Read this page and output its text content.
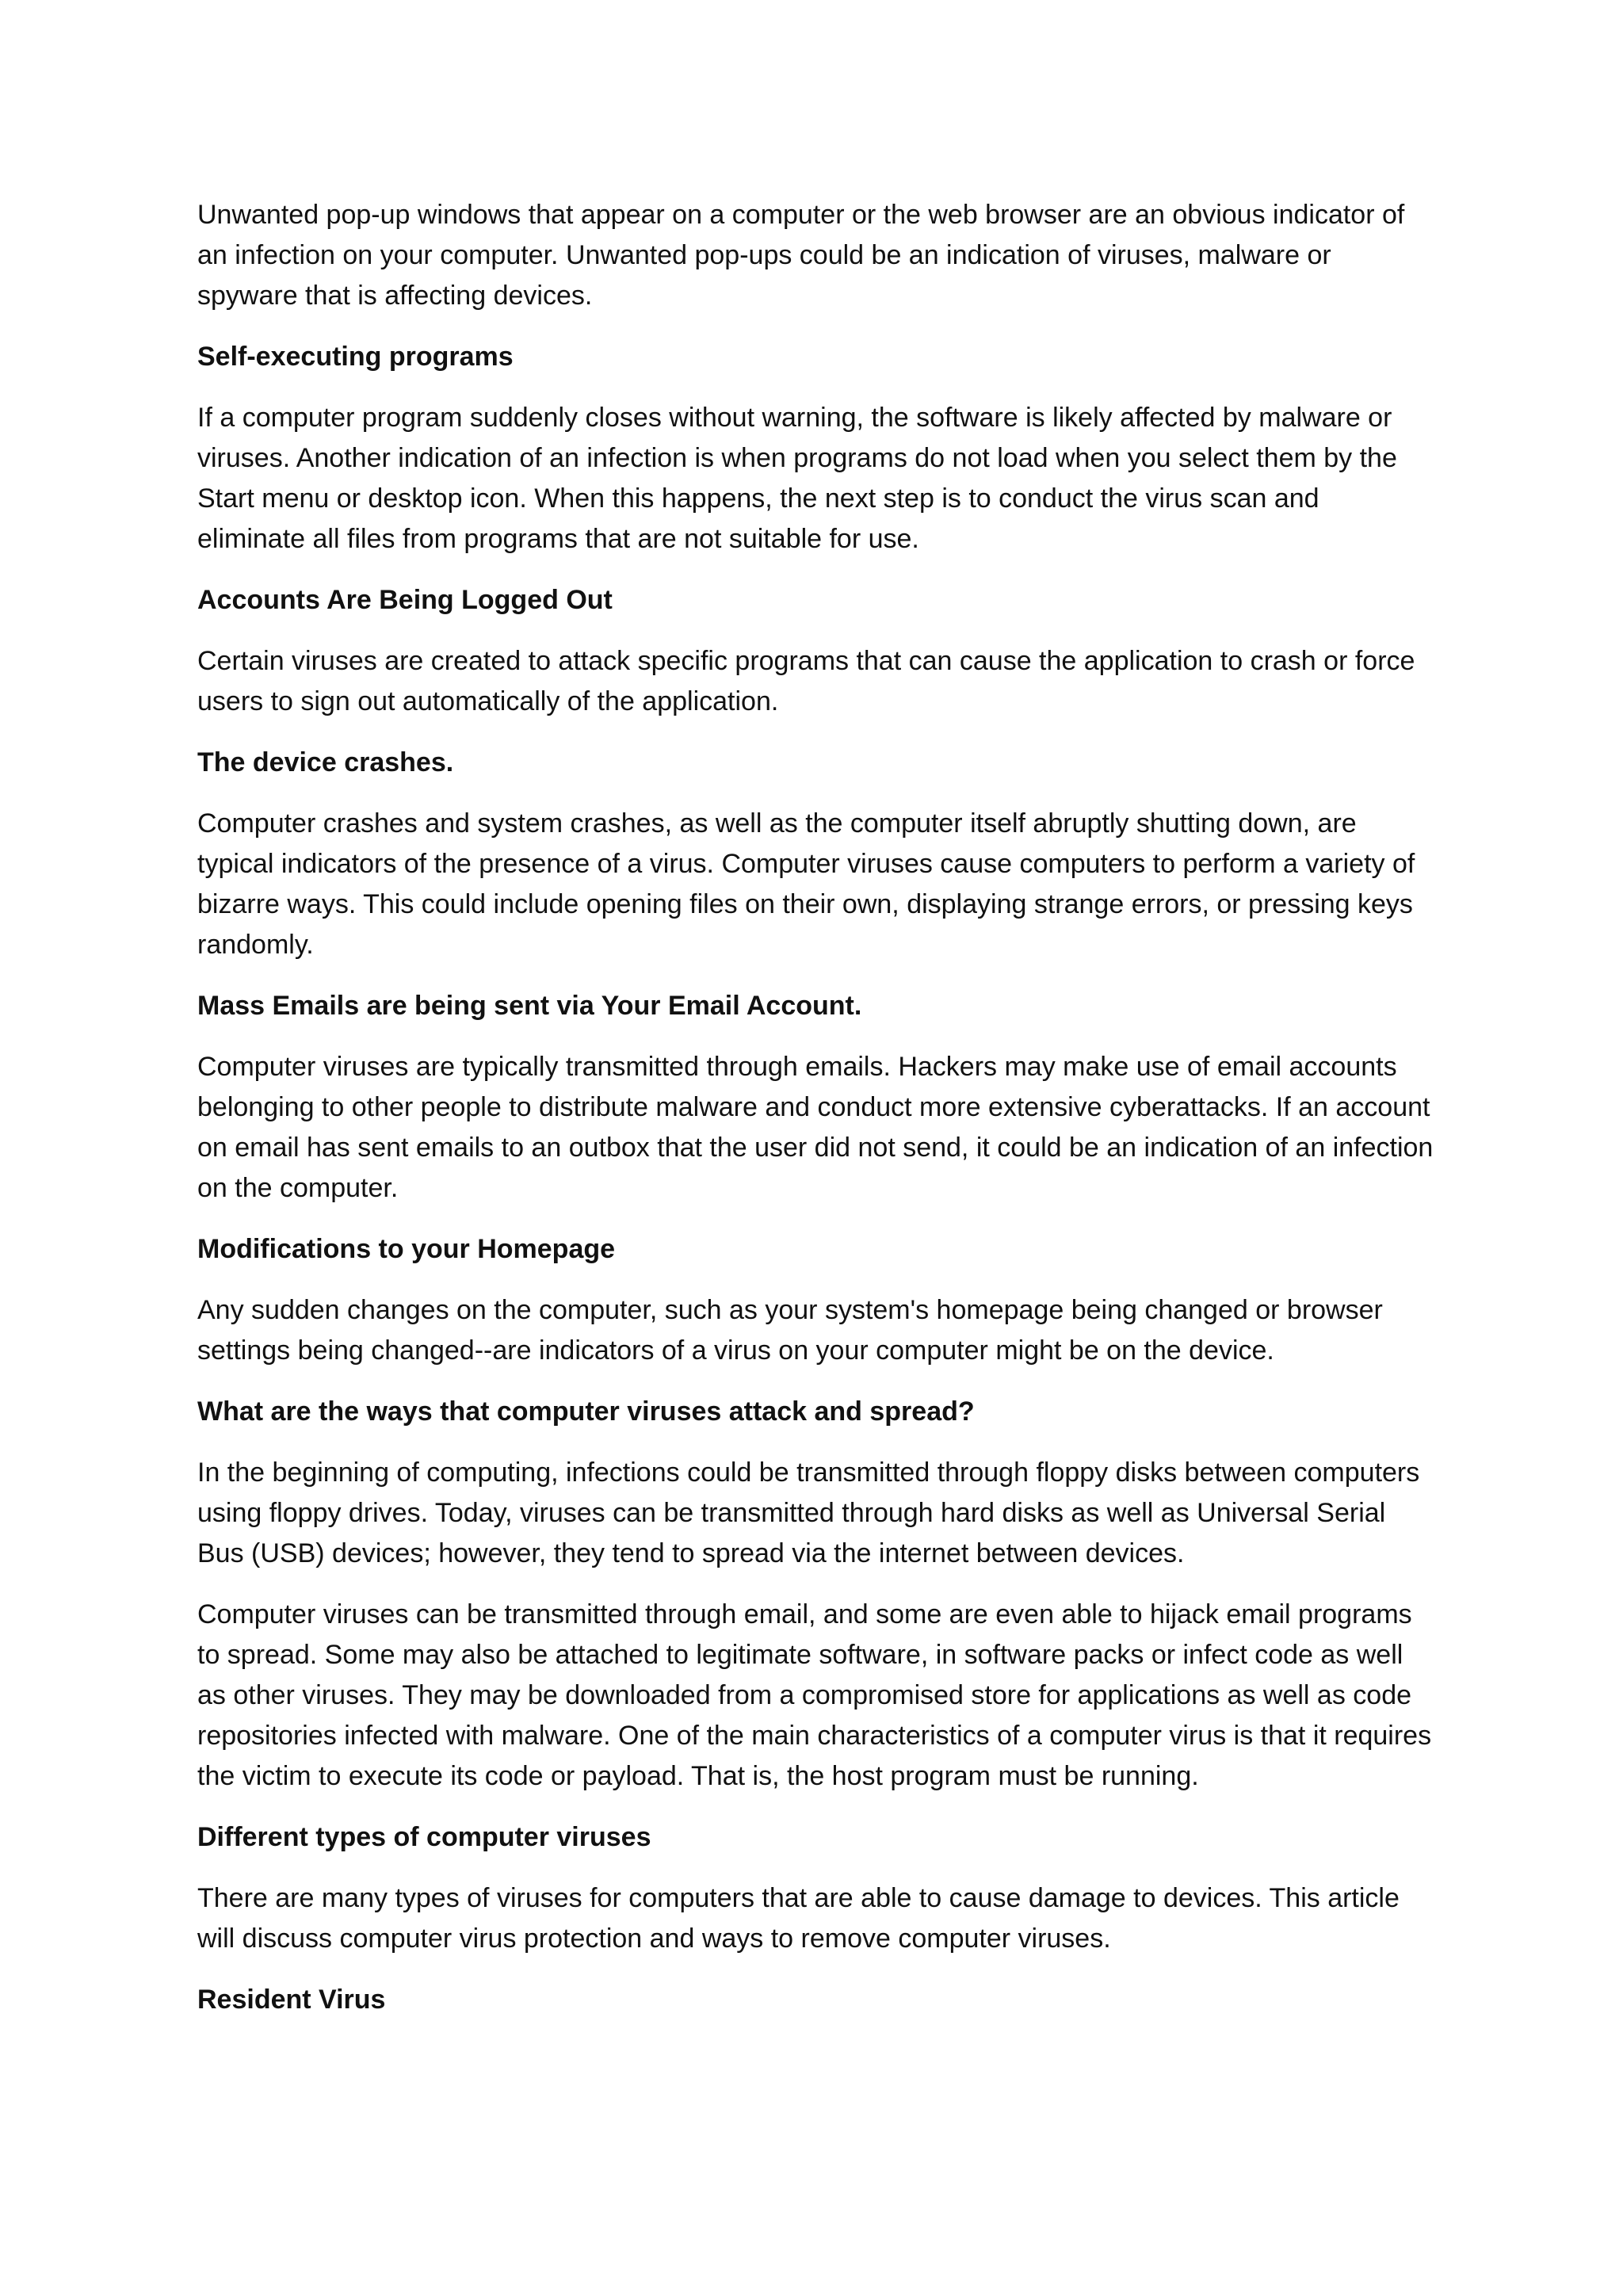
Unwanted pop-up windows that appear on a computer or the web browser are an obvious indicator of an infection on your computer. Unwanted pop-ups could be an indication of viruses, malware or spyware that is affecting devices.

Self-executing programs

If a computer program suddenly closes without warning, the software is likely affected by malware or viruses. Another indication of an infection is when programs do not load when you select them by the Start menu or desktop icon. When this happens, the next step is to conduct the virus scan and eliminate all files from programs that are not suitable for use.

Accounts Are Being Logged Out

Certain viruses are created to attack specific programs that can cause the application to crash or force users to sign out automatically of the application.

The device crashes.

Computer crashes and system crashes, as well as the computer itself abruptly shutting down, are typical indicators of the presence of a virus. Computer viruses cause computers to perform a variety of bizarre ways. This could include opening files on their own, displaying strange errors, or pressing keys randomly.

Mass Emails are being sent via Your Email Account.

Computer viruses are typically transmitted through emails. Hackers may make use of email accounts belonging to other people to distribute malware and conduct more extensive cyberattacks. If an account on email has sent emails to an outbox that the user did not send, it could be an indication of an infection on the computer.

Modifications to your Homepage

Any sudden changes on the computer, such as your system's homepage being changed or browser settings being changed--are indicators of a virus on your computer might be on the device.

What are the ways that computer viruses attack and spread?

In the beginning of computing, infections could be transmitted through floppy disks between computers using floppy drives. Today, viruses can be transmitted through hard disks as well as Universal Serial Bus (USB) devices; however, they tend to spread via the internet between devices.

Computer viruses can be transmitted through email, and some are even able to hijack email programs to spread. Some may also be attached to legitimate software, in software packs or infect code as well as other viruses. They may be downloaded from a compromised store for applications as well as code repositories infected with malware. One of the main characteristics of a computer virus is that it requires the victim to execute its code or payload. That is, the host program must be running.

Different types of computer viruses

There are many types of viruses for computers that are able to cause damage to devices. This article will discuss computer virus protection and ways to remove computer viruses.

Resident Virus
